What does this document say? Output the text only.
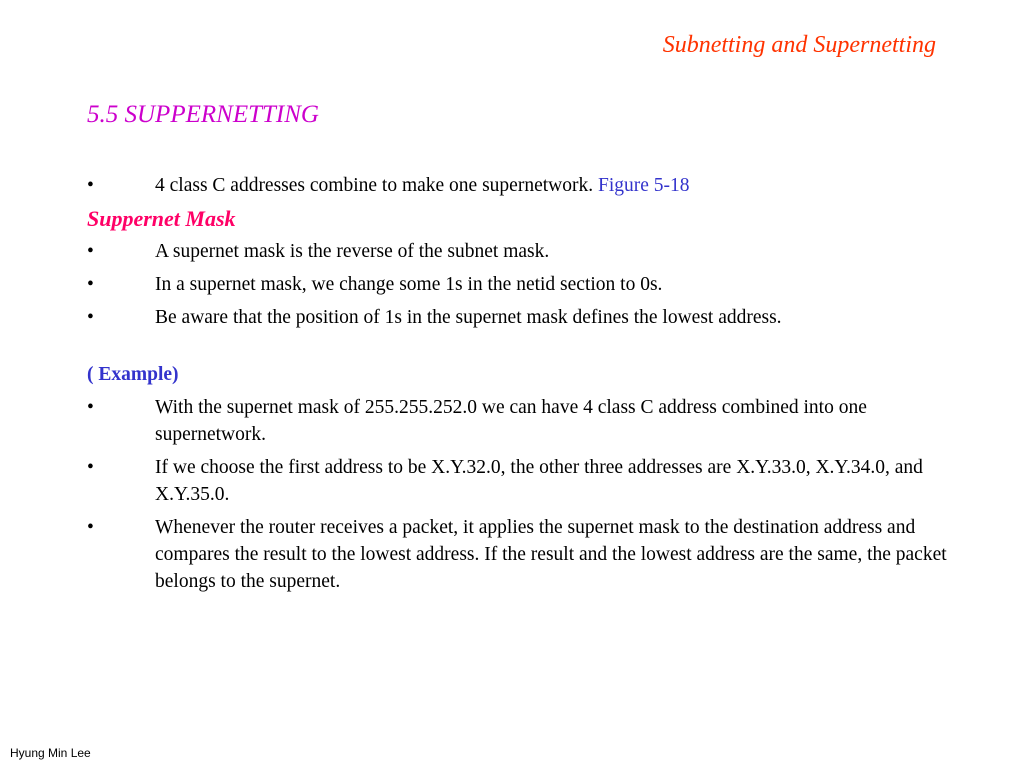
Subnetting and Supernetting
5.5 SUPPERNETTING
•	4 class C addresses combine to make one supernetwork. Figure 5-18
Suppernet Mask
•	A supernet mask is the reverse of the subnet mask.
•	In a supernet mask, we change some 1s in the netid section to 0s.
•	Be aware that the position of 1s in the supernet mask defines the lowest address.
( Example)
•	With the supernet mask of 255.255.252.0 we can have 4 class C address combined into one supernetwork.
•	If we choose the first address to be X.Y.32.0, the other three addresses are X.Y.33.0, X.Y.34.0, and X.Y.35.0.
•	Whenever the router receives a packet, it applies the supernet mask to the destination address and compares the result to the lowest address. If the result and the lowest address are the same, the packet belongs to the supernet.
Hyung Min Lee
